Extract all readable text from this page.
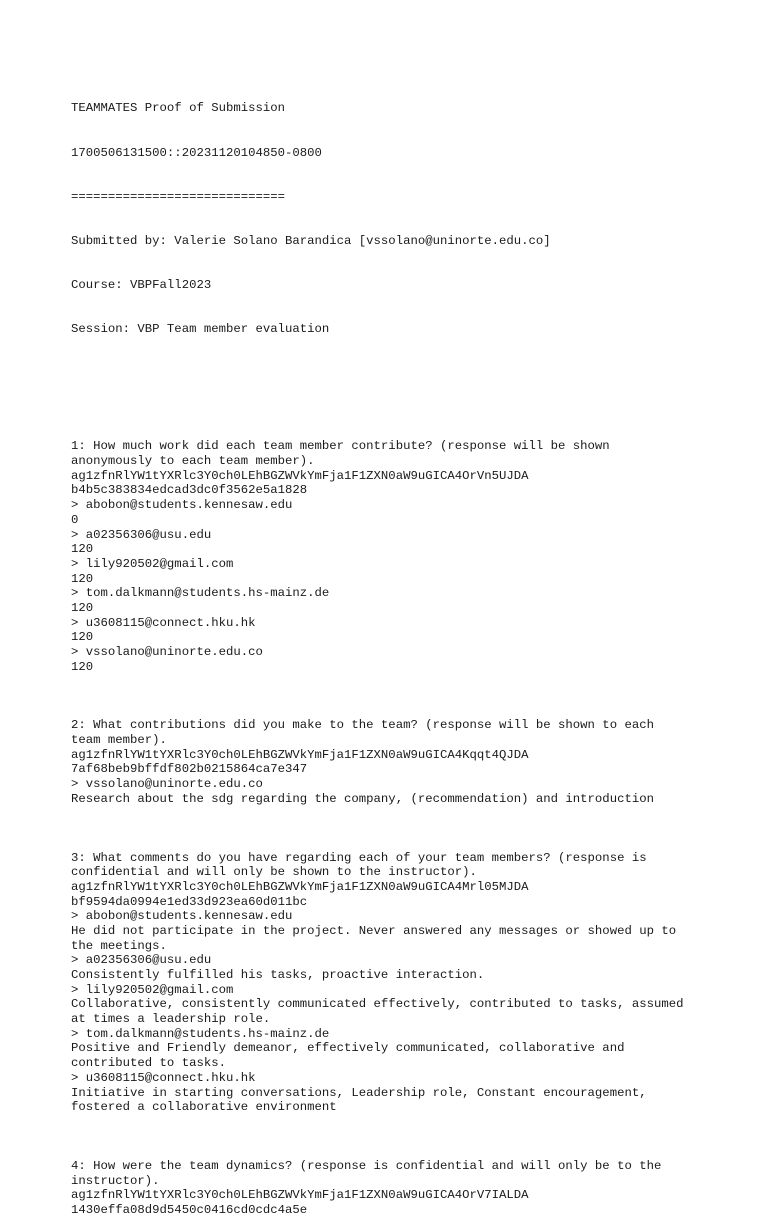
TEAMMATES Proof of Submission

1700506131500::20231120104850-0800

=============================

Submitted by: Valerie Solano Barandica [vssolano@uninorte.edu.co]

Course: VBPFall2023

Session: VBP Team member evaluation

1: How much work did each team member contribute? (response will be shown
anonymously to each team member).
ag1zfnRlYW1tYXRlc3Y0ch0LEhBGZWVkYmFja1F1ZXN0aW9uGICA4OrVn5UJDA
b4b5c383834edcad3dc0f3562e5a1828
> abobon@students.kennesaw.edu
0
> a02356306@usu.edu
120
> lily920502@gmail.com
120
> tom.dalkmann@students.hs-mainz.de
120
> u3608115@connect.hku.hk
120
> vssolano@uninorte.edu.co
120
2: What contributions did you make to the team? (response will be shown to each
team member).
ag1zfnRlYW1tYXRlc3Y0ch0LEhBGZWVkYmFja1F1ZXN0aW9uGICA4Kqqt4QJDA
7af68beb9bffdf802b0215864ca7e347
> vssolano@uninorte.edu.co
Research about the sdg regarding the company, (recommendation) and introduction
3: What comments do you have regarding each of your team members? (response is
confidential and will only be shown to the instructor).
ag1zfnRlYW1tYXRlc3Y0ch0LEhBGZWVkYmFja1F1ZXN0aW9uGICA4Mrl05MJDA
bf9594da0994e1ed33d923ea60d011bc
> abobon@students.kennesaw.edu
He did not participate in the project. Never answered any messages or showed up to
the meetings.
> a02356306@usu.edu
Consistently fulfilled his tasks, proactive interaction.
> lily920502@gmail.com
Collaborative, consistently communicated effectively, contributed to tasks, assumed
at times a leadership role.
> tom.dalkmann@students.hs-mainz.de
Positive and Friendly demeanor, effectively communicated, collaborative and
contributed to tasks.
> u3608115@connect.hku.hk
Initiative in starting conversations, Leadership role, Constant encouragement,
fostered a collaborative environment
4: How were the team dynamics? (response is confidential and will only be to the
instructor).
ag1zfnRlYW1tYXRlc3Y0ch0LEhBGZWVkYmFja1F1ZXN0aW9uGICA4OrV7IALDA
1430effa08d9d5450c0416cd0cdc4a5e
